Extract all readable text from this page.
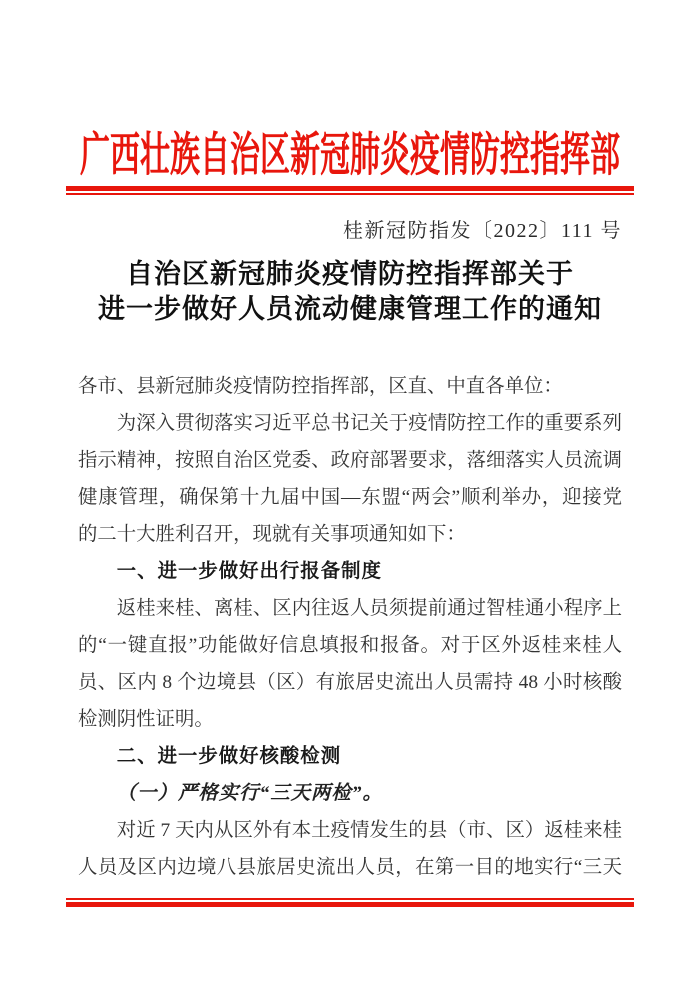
广西壮族自治区新冠肺炎疫情防控指挥部
桂新冠防指发〔2022〕111 号
自治区新冠肺炎疫情防控指挥部关于
进一步做好人员流动健康管理工作的通知
各市、县新冠肺炎疫情防控指挥部，区直、中直各单位：
为深入贯彻落实习近平总书记关于疫情防控工作的重要系列
指示精神，按照自治区党委、政府部署要求，落细落实人员流调
健康管理，确保第十九届中国—东盟“两会”顺利举办，迎接党
的二十大胜利召开，现就有关事项通知如下：
一、进一步做好出行报备制度
返桂来桂、离桂、区内往返人员须提前通过智桂通小程序上
的“一键直报”功能做好信息填报和报备。对于区外返桂来桂人
员、区内 8 个边境县（区）有旅居史流出人员需持 48 小时核酸
检测阴性证明。
二、进一步做好核酸检测
（一）严格实行“三天两检”。
对近 7 天内从区外有本土疫情发生的县（市、区）返桂来桂
人员及区内边境八县旅居史流出人员，在第一目的地实行“三天
